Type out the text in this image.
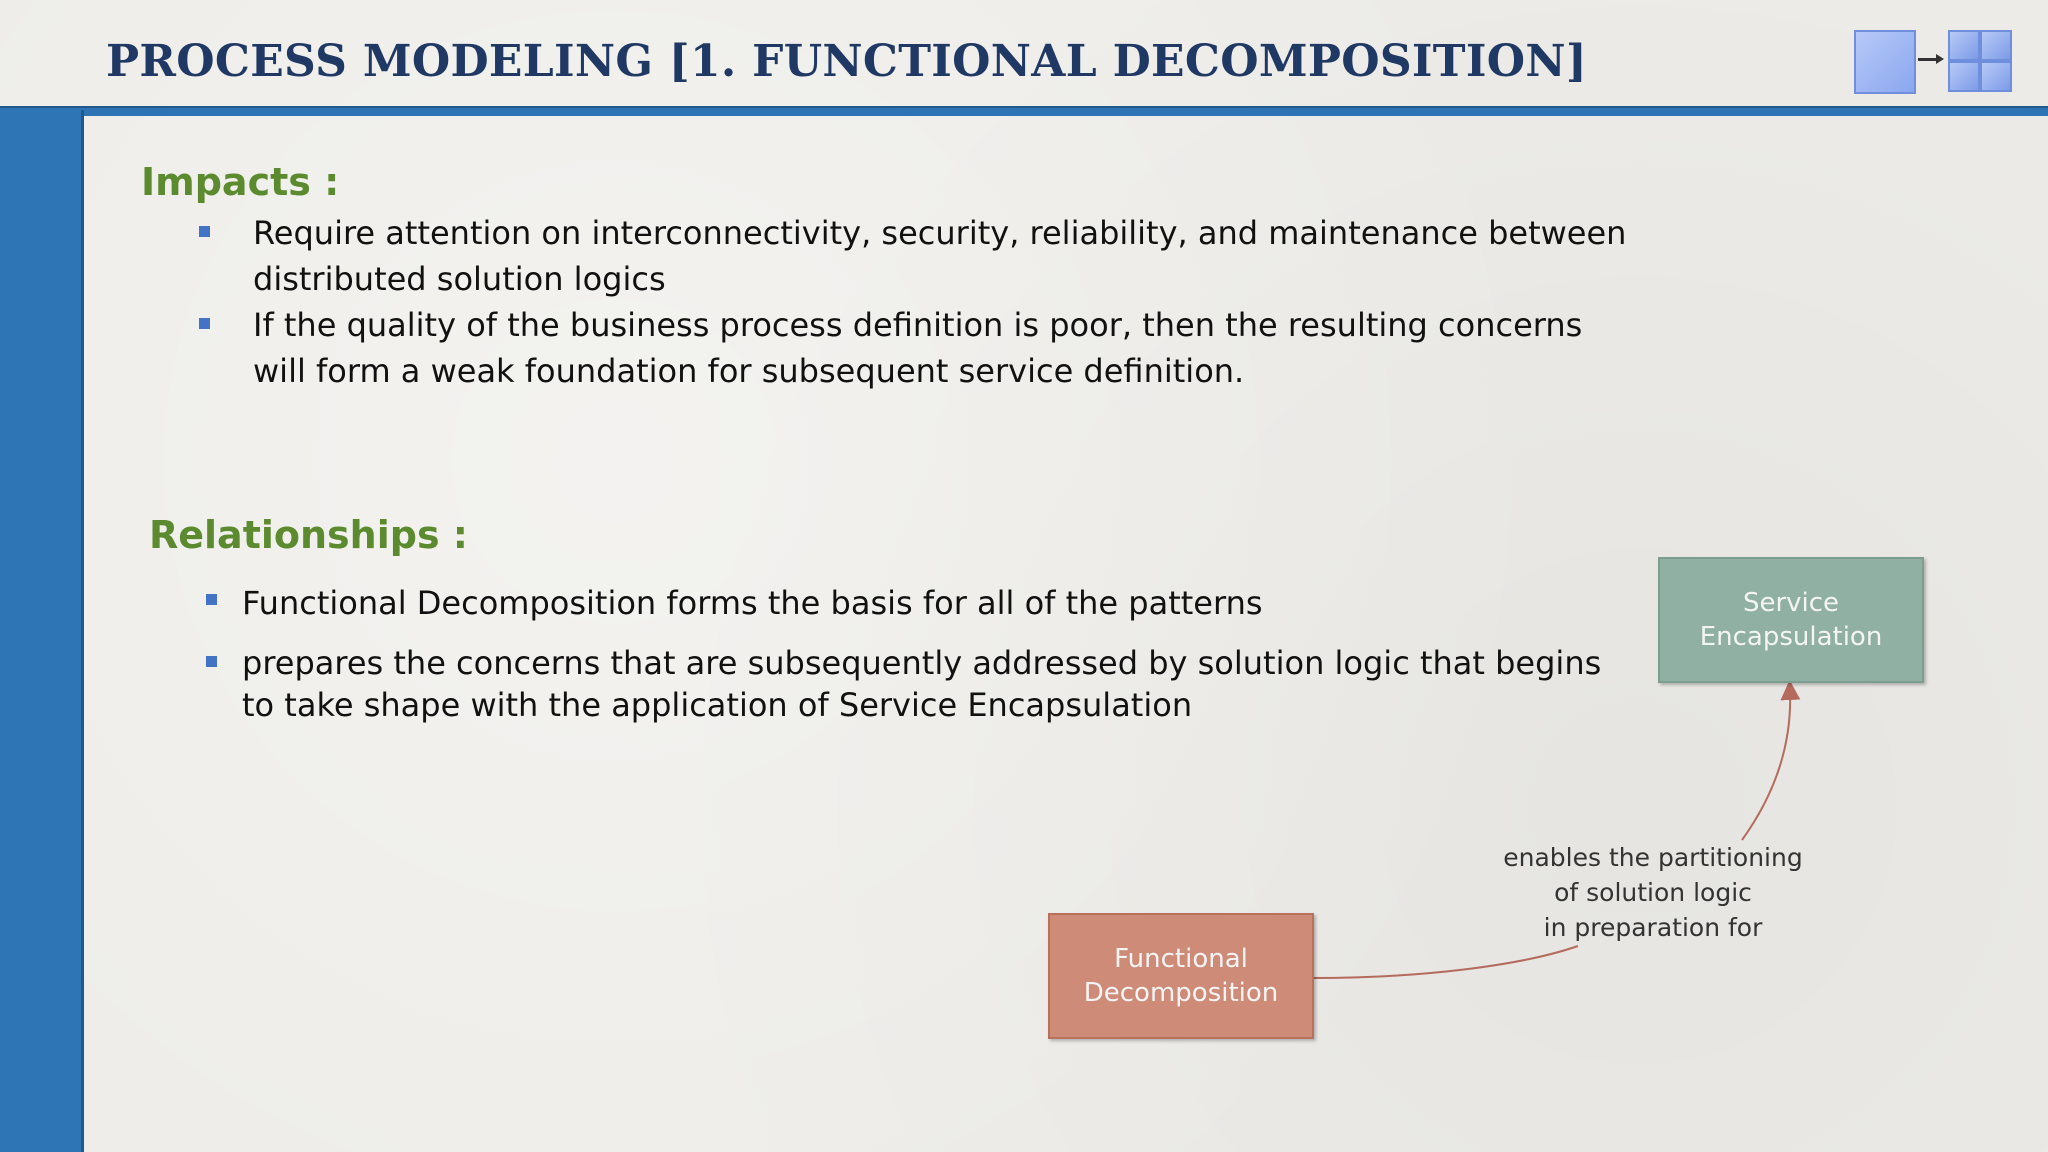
PROCESS MODELING [1. FUNCTIONAL DECOMPOSITION]
Impacts :
Require attention on interconnectivity, security, reliability, and maintenance between distributed solution logics
If the quality of the business process definition is poor, then the resulting concerns will form a weak foundation for subsequent service definition.
Relationships :
Functional Decomposition forms the basis for all of the patterns
prepares the concerns that are subsequently addressed by solution logic that begins to take shape with the application of Service Encapsulation
Service
Encapsulation
Functional
Decomposition
enables the partitioning
of solution logic
in preparation for
